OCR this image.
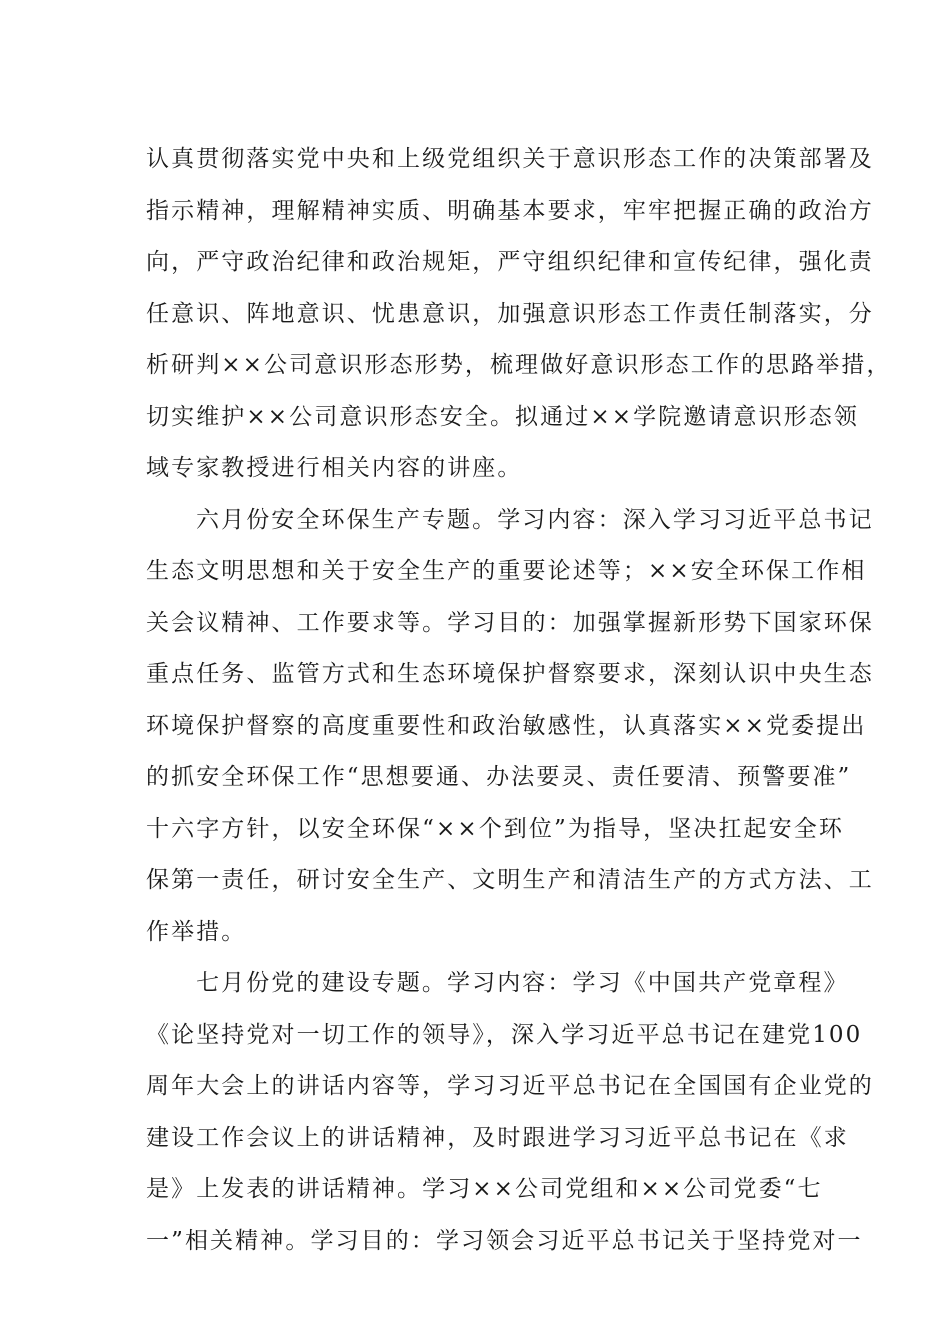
认真贯彻落实党中央和上级党组织关于意识形态工作的决策部署及
指示精神，理解精神实质、明确基本要求，牢牢把握正确的政治方
向，严守政治纪律和政治规矩，严守组织纪律和宣传纪律，强化责
任意识、阵地意识、忧患意识，加强意识形态工作责任制落实，分
析研判××公司意识形态形势，梳理做好意识形态工作的思路举措，
切实维护××公司意识形态安全。拟通过××学院邀请意识形态领
域专家教授进行相关内容的讲座。
六月份安全环保生产专题。学习内容：深入学习习近平总书记
生态文明思想和关于安全生产的重要论述等；××安全环保工作相
关会议精神、工作要求等。学习目的：加强掌握新形势下国家环保
重点任务、监管方式和生态环境保护督察要求，深刻认识中央生态
环境保护督察的高度重要性和政治敏感性，认真落实××党委提出
的抓安全环保工作“思想要通、办法要灵、责任要清、预警要准”
十六字方针，以安全环保“××个到位”为指导，坚决扛起安全环
保第一责任，研讨安全生产、文明生产和清洁生产的方式方法、工
作举措。
七月份党的建设专题。学习内容：学习《中国共产党章程》
《论坚持党对一切工作的领导》，深入学习近平总书记在建党100
周年大会上的讲话内容等，学习习近平总书记在全国国有企业党的
建设工作会议上的讲话精神，及时跟进学习习近平总书记在《求
是》上发表的讲话精神。学习××公司党组和××公司党委“七
一”相关精神。学习目的：学习领会习近平总书记关于坚持党对一
